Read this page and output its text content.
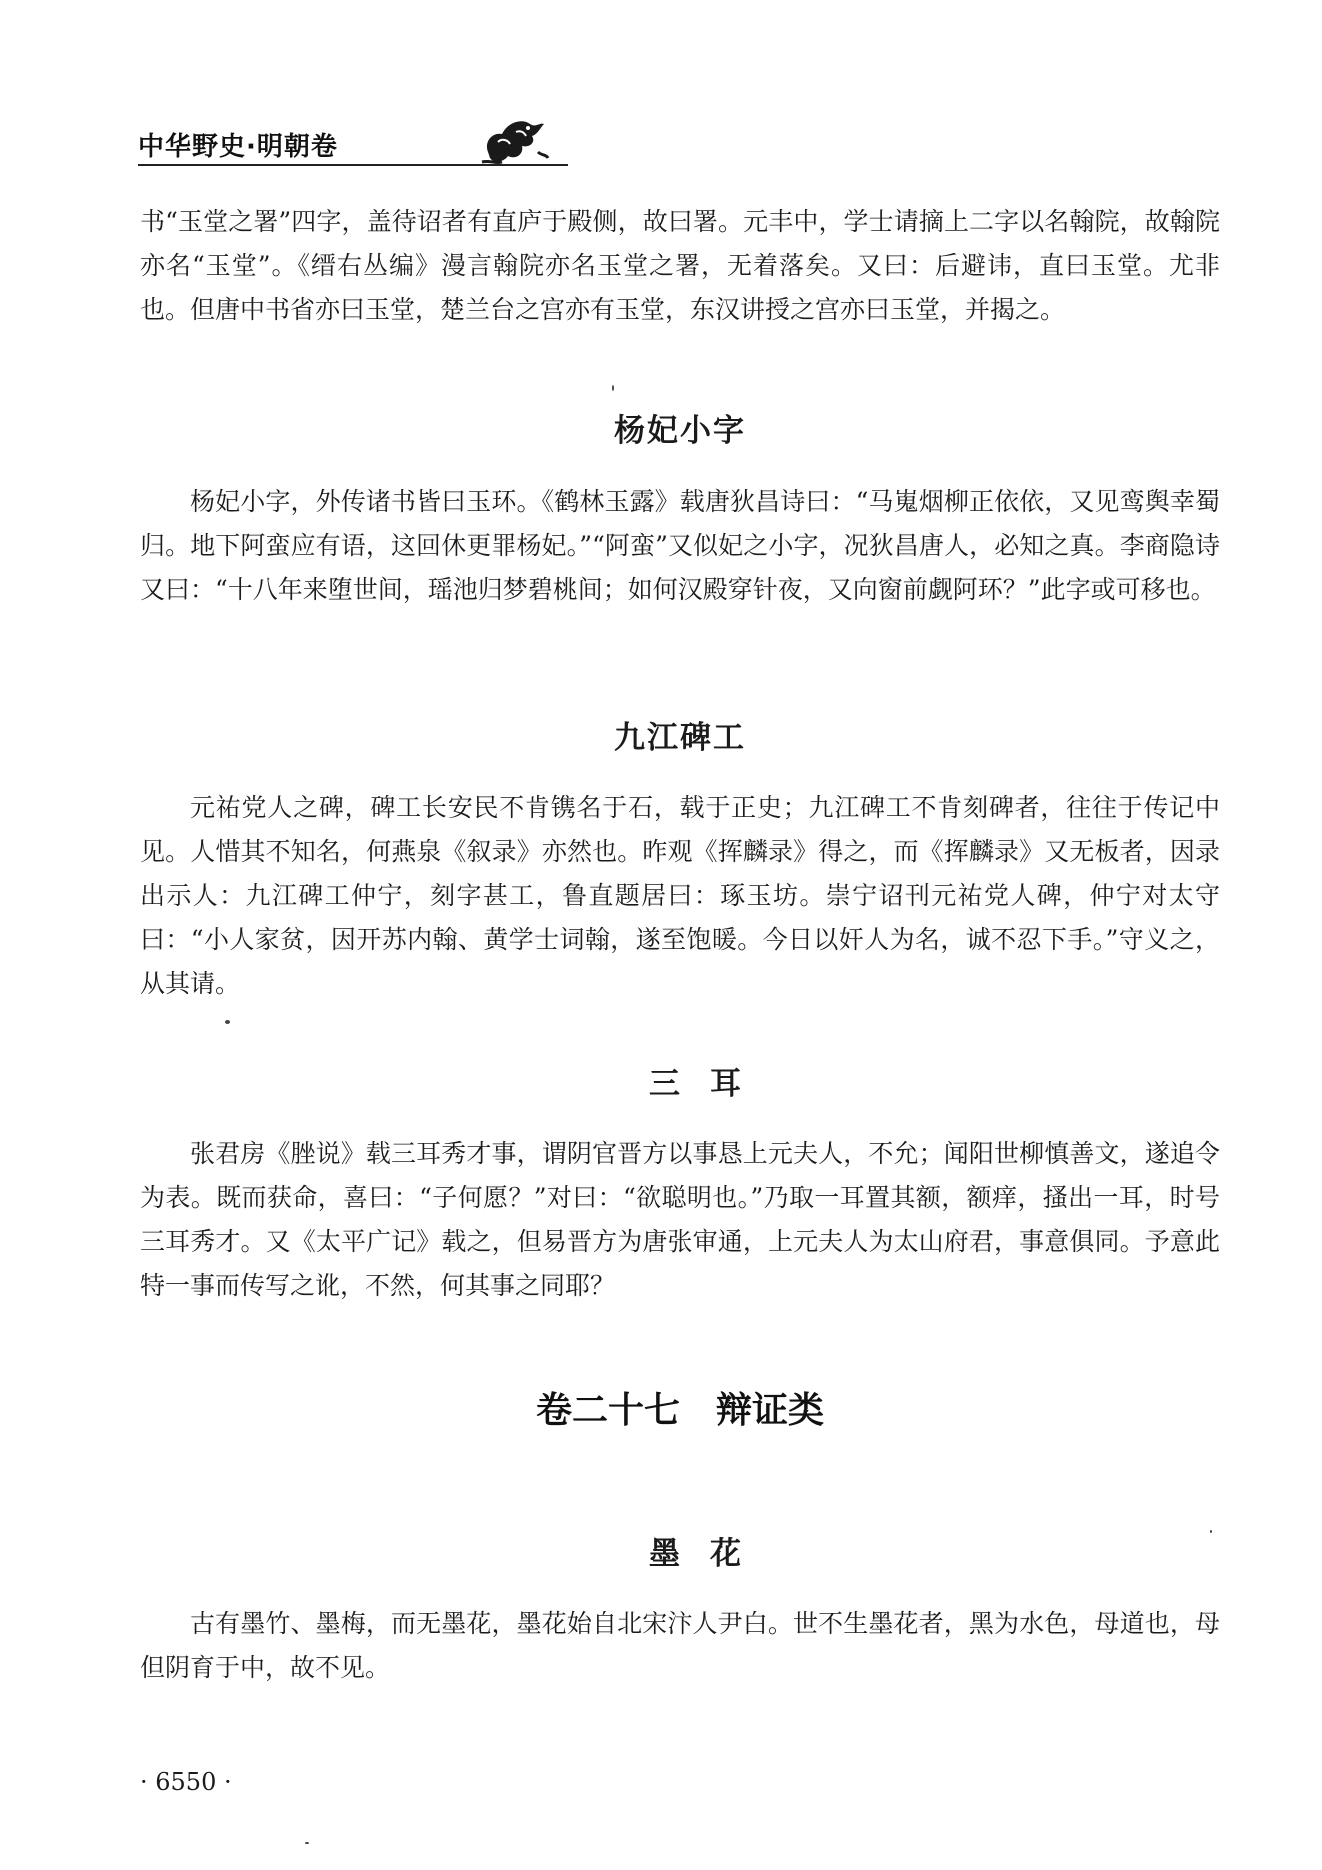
中华野史·明朝卷

书“玉堂之署”四字，盖待诏者有直庐于殿侧，故曰署。元丰中，学士请摘上二字以名翰院，故翰院亦名“玉堂”。《缙右丛编》漫言翰院亦名玉堂之署，无着落矣。又曰：后避讳，直曰玉堂。尤非也。但唐中书省亦曰玉堂，楚兰台之宫亦有玉堂，东汉讲授之宫亦曰玉堂，并揭之。

杨妃小字

杨妃小字，外传诸书皆曰玉环。《鹤林玉露》载唐狄昌诗曰：“马嵬烟柳正依依，又见鸾舆幸蜀归。地下阿蛮应有语，这回休更罪杨妃。”“阿蛮”又似妃之小字，况狄昌唐人，必知之真。李商隐诗又曰：“十八年来堕世间，瑶池归梦碧桃间；如何汉殿穿针夜，又向窗前觑阿环？”此字或可移也。

九江碑工

元祐党人之碑，碑工长安民不肯镌名于石，载于正史；九江碑工不肯刻碑者，往往于传记中见。人惜其不知名，何燕泉《叙录》亦然也。昨观《挥麟录》得之，而《挥麟录》又无板者，因录出示人：九江碑工仲宁，刻字甚工，鲁直题居曰：琢玉坊。崇宁诏刊元祐党人碑，仲宁对太守曰：“小人家贫，因开苏内翰、黄学士词翰，遂至饱暖。今日以奸人为名，诚不忍下手。”守义之，从其请。

三耳

张君房《脞说》载三耳秀才事，谓阴官晋方以事恳上元夫人，不允；闻阳世柳慎善文，遂追令为表。既而获命，喜曰：“子何愿？”对曰：“欲聪明也。”乃取一耳置其额，额痒，搔出一耳，时号三耳秀才。又《太平广记》载之，但易晋方为唐张审通，上元夫人为太山府君，事意俱同。予意此特一事而传写之讹，不然，何其事之同耶？

卷二十七　辩证类
墨花

古有墨竹、墨梅，而无墨花，墨花始自北宋汴人尹白。世不生墨花者，黑为水色，母道也，母但阴育于中，故不见。

· 6550 ·
